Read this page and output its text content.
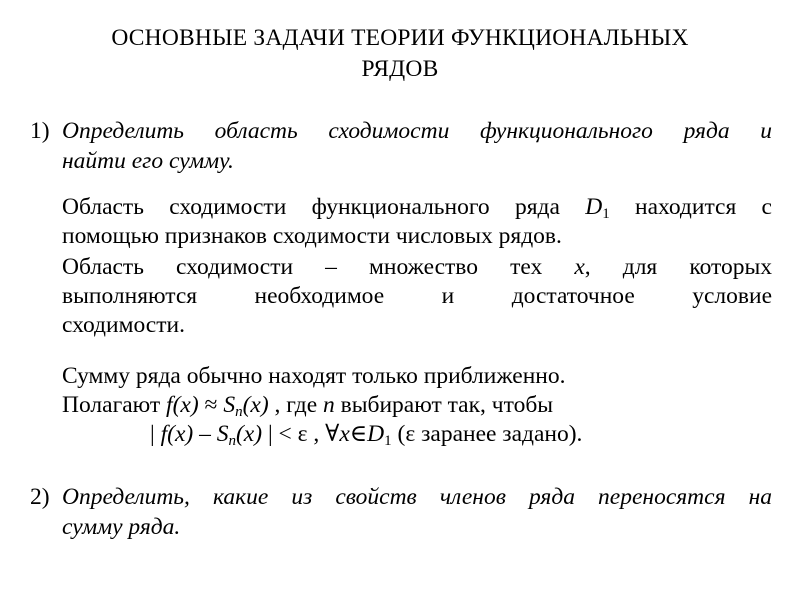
ОСНОВНЫЕ ЗАДАЧИ ТЕОРИИ ФУНКЦИОНАЛЬНЫХ
РЯДОВ
1) Определить область сходимости функционального ряда и
найти его сумму.
Область сходимости функционального ряда $D_1$ находится с
помощью признаков сходимости числовых рядов.
Область сходимости – множество тех x, для которых
выполняются необходимое и достаточное условие
сходимости.
Сумму ряда обычно находят только приближенно.
Полагают $f(x) \approx S_n(x)$ , где n выбирают так, чтобы
| $f(x) - S_n(x)$ | < ε , $\forall x\in D_1$ (ε заранее задано).
2) Определить, какие из свойств членов ряда переносятся на
сумму ряда.
